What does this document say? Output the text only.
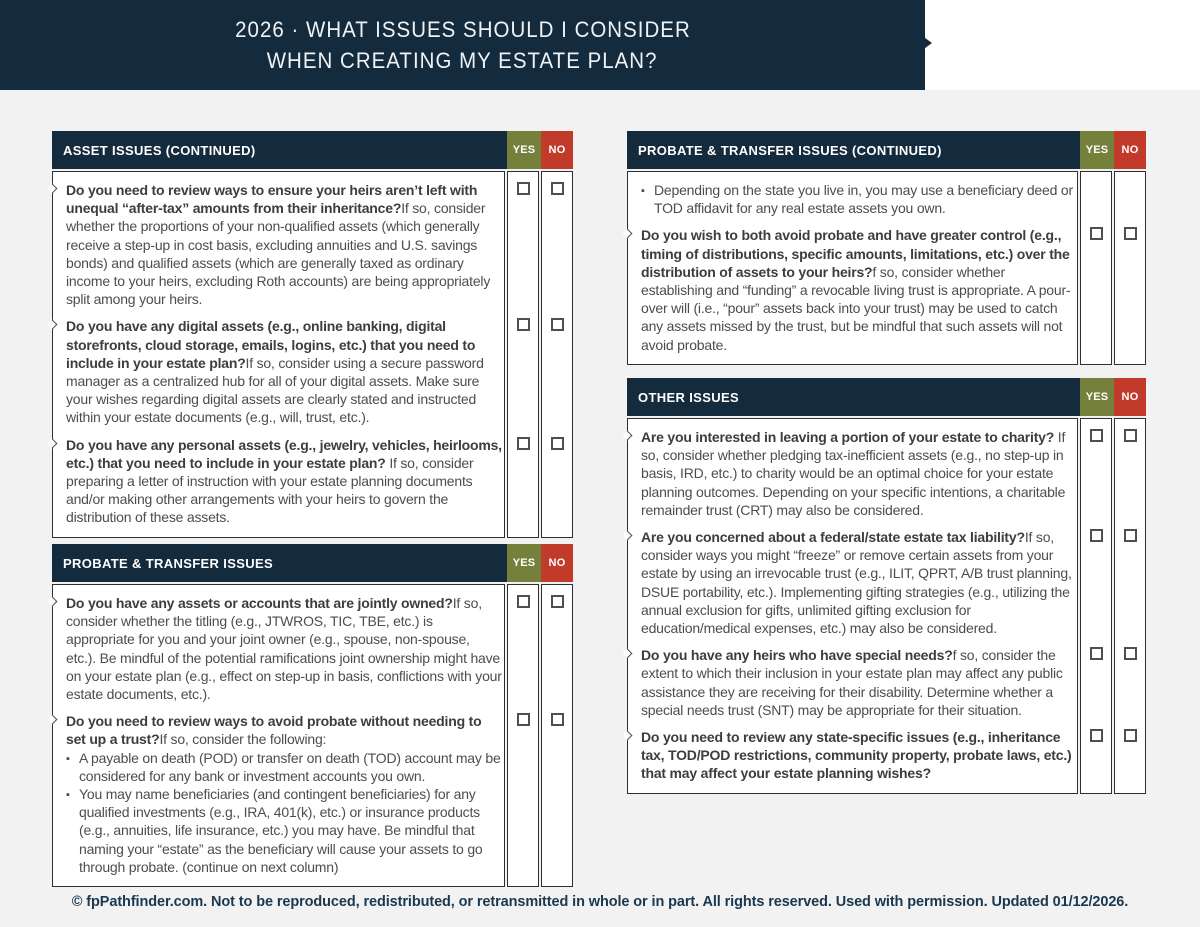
2026 · WHAT ISSUES SHOULD I CONSIDER
WHEN CREATING MY ESTATE PLAN?
ASSET ISSUES (CONTINUED)	YES	NO
Do you need to review ways to ensure your heirs aren’t left with unequal “after-tax” amounts from their inheritance?If so, consider whether the proportions of your non-qualified assets (which generally receive a step-up in cost basis, excluding annuities and U.S. savings bonds) and qualified assets (which are generally taxed as ordinary income to your heirs, excluding Roth accounts) are being appropriately split among your heirs.
Do you have any digital assets (e.g., online banking, digital storefronts, cloud storage, emails, logins, etc.) that you need to include in your estate plan?If so, consider using a secure password manager as a centralized hub for all of your digital assets. Make sure your wishes regarding digital assets are clearly stated and instructed within your estate documents (e.g., will, trust, etc.).
Do you have any personal assets (e.g., jewelry, vehicles, heirlooms, etc.) that you need to include in your estate plan? If so, consider preparing a letter of instruction with your estate planning documents and/or making other arrangements with your heirs to govern the distribution of these assets.
PROBATE & TRANSFER ISSUES	YES	NO
Do you have any assets or accounts that are jointly owned?If so, consider whether the titling (e.g., JTWROS, TIC, TBE, etc.) is appropriate for you and your joint owner (e.g., spouse, non-spouse, etc.). Be mindful of the potential ramifications joint ownership might have on your estate plan (e.g., effect on step-up in basis, conflictions with your estate documents, etc.).
Do you need to review ways to avoid probate without needing to set up a trust?If so, consider the following:
▪ A payable on death (POD) or transfer on death (TOD) account may be considered for any bank or investment accounts you own.
▪ You may name beneficiaries (and contingent beneficiaries) for any qualified investments (e.g., IRA, 401(k), etc.) or insurance products (e.g., annuities, life insurance, etc.) you may have. Be mindful that naming your “estate” as the beneficiary will cause your assets to go through probate. (continue on next column)
PROBATE & TRANSFER ISSUES (CONTINUED)	YES	NO
▪ Depending on the state you live in, you may use a beneficiary deed or TOD affidavit for any real estate assets you own.
Do you wish to both avoid probate and have greater control (e.g., timing of distributions, specific amounts, limitations, etc.) over the distribution of assets to your heirs?f so, consider whether establishing and “funding” a revocable living trust is appropriate. A pour-over will (i.e., “pour” assets back into your trust) may be used to catch any assets missed by the trust, but be mindful that such assets will not avoid probate.
OTHER ISSUES	YES	NO
Are you interested in leaving a portion of your estate to charity? If so, consider whether pledging tax-inefficient assets (e.g., no step-up in basis, IRD, etc.) to charity would be an optimal choice for your estate planning outcomes. Depending on your specific intentions, a charitable remainder trust (CRT) may also be considered.
Are you concerned about a federal/state estate tax liability?If so, consider ways you might “freeze” or remove certain assets from your estate by using an irrevocable trust (e.g., ILIT, QPRT, A/B trust planning, DSUE portability, etc.). Implementing gifting strategies (e.g., utilizing the annual exclusion for gifts, unlimited gifting exclusion for education/medical expenses, etc.) may also be considered.
Do you have any heirs who have special needs?f so, consider the extent to which their inclusion in your estate plan may affect any public assistance they are receiving for their disability. Determine whether a special needs trust (SNT) may be appropriate for their situation.
Do you need to review any state-specific issues (e.g., inheritance tax, TOD/POD restrictions, community property, probate laws, etc.) that may affect your estate planning wishes?
© fpPathfinder.com. Not to be reproduced, redistributed, or retransmitted in whole or in part. All rights reserved. Used with permission. Updated 01/12/2026.
